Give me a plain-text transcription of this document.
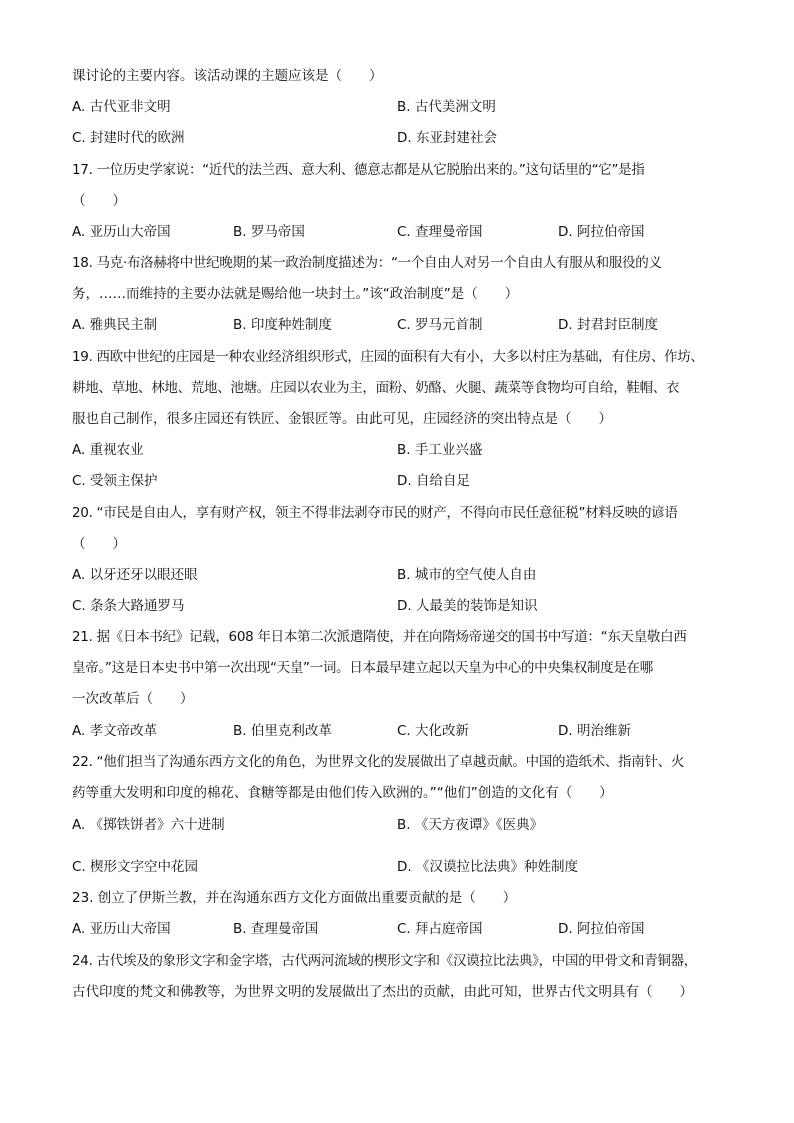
课讨论的主要内容。该活动课的主题应该是（　　）
A. 古代亚非文明	B. 古代美洲文明
C. 封建时代的欧洲	D. 东亚封建社会
17. 一位历史学家说：“近代的法兰西、意大利、德意志都是从它脱胎出来的。”这句话里的“它”是指
（　　）
A. 亚历山大帝国	B. 罗马帝国	C. 查理曼帝国	D. 阿拉伯帝国
18. 马克·布洛赫将中世纪晚期的某一政治制度描述为：“一个自由人对另一个自由人有服从和服役的义
务，……而维持的主要办法就是赐给他一块封土。”该“政治制度”是（　　）
A. 雅典民主制	B. 印度种姓制度	C. 罗马元首制	D. 封君封臣制度
19. 西欧中世纪的庄园是一种农业经济组织形式，庄园的面积有大有小，大多以村庄为基础，有住房、作坊、
耕地、草地、林地、荒地、池塘。庄园以农业为主，面粉、奶酪、火腿、蔬菜等食物均可自给，鞋帽、衣
服也自己制作，很多庄园还有铁匠、金银匠等。由此可见，庄园经济的突出特点是（　　）
A. 重视农业	B. 手工业兴盛
C. 受领主保护	D. 自给自足
20. “市民是自由人，享有财产权，领主不得非法剥夺市民的财产，不得向市民任意征税”材料反映的谚语
（　　）
A. 以牙还牙以眼还眼	B. 城市的空气使人自由
C. 条条大路通罗马	D. 人最美的装饰是知识
21. 据《日本书纪》记载，608 年日本第二次派遣隋使，并在向隋炀帝递交的国书中写道：“东天皇敬白西
皇帝。”这是日本史书中第一次出现“天皇”一词。日本最早建立起以天皇为中心的中央集权制度是在哪
一次改革后（　　）
A. 孝文帝改革	B. 伯里克利改革	C. 大化改新	D. 明治维新
22. “他们担当了沟通东西方文化的角色，为世界文化的发展做出了卓越贡献。中国的造纸术、指南针、火
药等重大发明和印度的棉花、食糖等都是由他们传入欧洲的。”“他们”创造的文化有（　　）
A. 《掷铁饼者》六十进制	B. 《天方夜谭》《医典》
C. 楔形文字空中花园	D. 《汉谟拉比法典》种姓制度
23. 创立了伊斯兰教，并在沟通东西方文化方面做出重要贡献的是（　　）
A. 亚历山大帝国	B. 查理曼帝国	C. 拜占庭帝国	D. 阿拉伯帝国
24. 古代埃及的象形文字和金字塔，古代两河流域的楔形文字和《汉谟拉比法典》，中国的甲骨文和青铜器，
古代印度的梵文和佛教等，为世界文明的发展做出了杰出的贡献，由此可知，世界古代文明具有（　　）
